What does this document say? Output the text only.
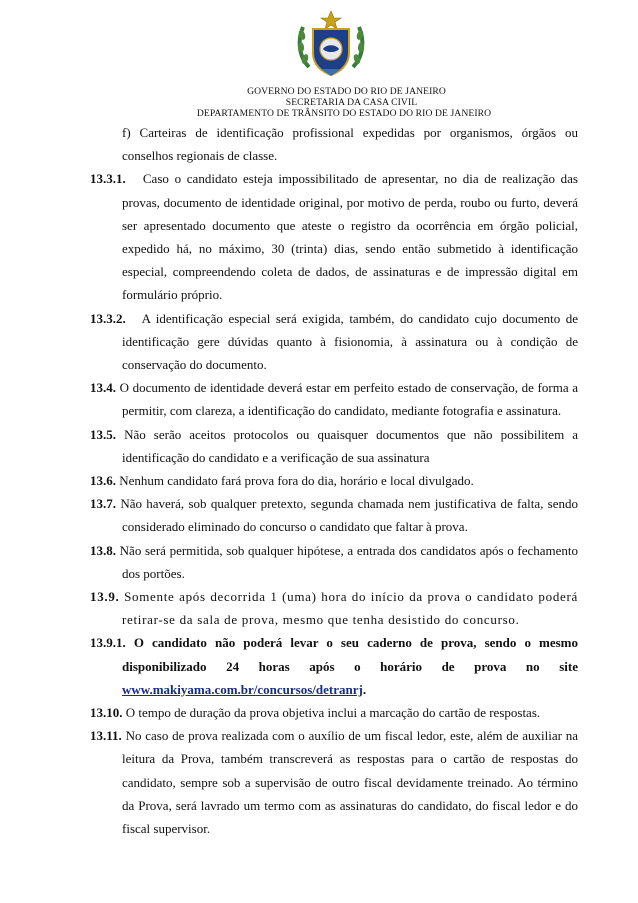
GOVERNO DO ESTADO DO RIO DE JANEIRO
SECRETARIA DA CASA CIVIL
DEPARTAMENTO DE TRÂNSITO DO ESTADO DO RIO DE JANEIRO
f) Carteiras de identificação profissional expedidas por organismos, órgãos ou conselhos regionais de classe.
13.3.1. Caso o candidato esteja impossibilitado de apresentar, no dia de realização das provas, documento de identidade original, por motivo de perda, roubo ou furto, deverá ser apresentado documento que ateste o registro da ocorrência em órgão policial, expedido há, no máximo, 30 (trinta) dias, sendo então submetido à identificação especial, compreendendo coleta de dados, de assinaturas e de impressão digital em formulário próprio.
13.3.2. A identificação especial será exigida, também, do candidato cujo documento de identificação gere dúvidas quanto à fisionomia, à assinatura ou à condição de conservação do documento.
13.4. O documento de identidade deverá estar em perfeito estado de conservação, de forma a permitir, com clareza, a identificação do candidato, mediante fotografia e assinatura.
13.5. Não serão aceitos protocolos ou quaisquer documentos que não possibilitem a identificação do candidato e a verificação de sua assinatura
13.6. Nenhum candidato fará prova fora do dia, horário e local divulgado.
13.7. Não haverá, sob qualquer pretexto, segunda chamada nem justificativa de falta, sendo considerado eliminado do concurso o candidato que faltar à prova.
13.8. Não será permitida, sob qualquer hipótese, a entrada dos candidatos após o fechamento dos portões.
13.9. Somente após decorrida 1 (uma) hora do início da prova o candidato poderá retirar-se da sala de prova, mesmo que tenha desistido do concurso.
13.9.1. O candidato não poderá levar o seu caderno de prova, sendo o mesmo disponibilizado 24 horas após o horário de prova no site www.makiyama.com.br/concursos/detranrj.
13.10. O tempo de duração da prova objetiva inclui a marcação do cartão de respostas.
13.11. No caso de prova realizada com o auxílio de um fiscal ledor, este, além de auxiliar na leitura da Prova, também transcreverá as respostas para o cartão de respostas do candidato, sempre sob a supervisão de outro fiscal devidamente treinado. Ao término da Prova, será lavrado um termo com as assinaturas do candidato, do fiscal ledor e do fiscal supervisor.
